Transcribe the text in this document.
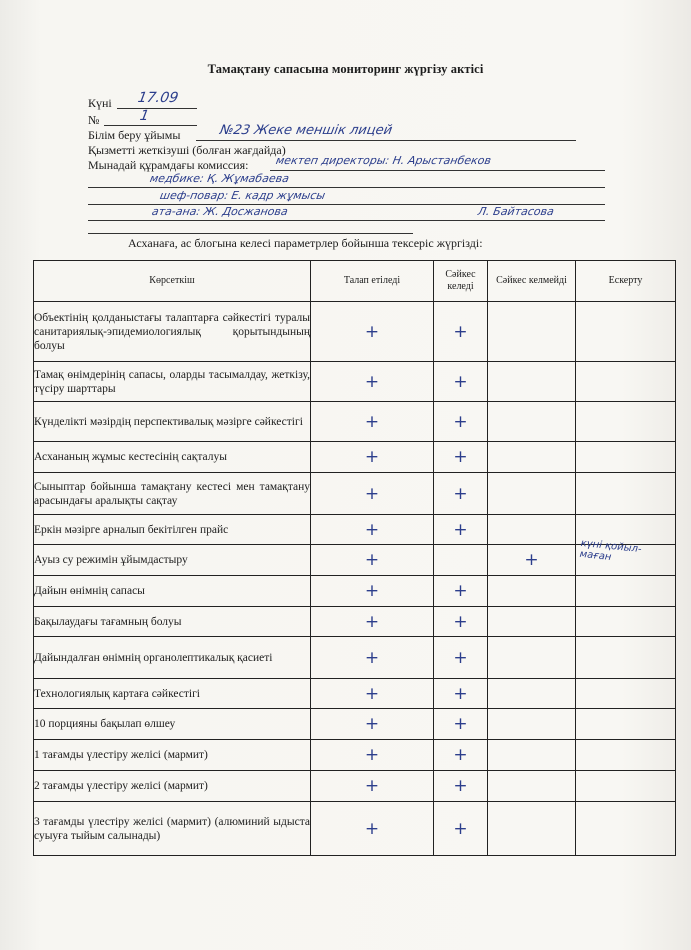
Тамақтану сапасына мониторинг жүргізу актісі
Күні 17.09
№	1
Білім беру ұйымы	№23 Жеке меншік лицей
Қызметті жеткізуші (болған жағдайда)
Мынадай құрамдағы комиссия: мектеп директоры: Н. Арыстанбеков
медбике: Қ. Жұмабаева
шеф-повар: Е. кадр жұмысы
ата-ана: Ж. Досжанова	Л. Байтасова
Асханаға, ас блогына келесі параметрлер бойынша тексеріс жүргізді:
Көрсеткіш	Талап етіледі	Сәйкес келеді	Сәйкес келмейді	Ескерту
Объектінің қолданыстағы талаптарға сәйкестігі туралы санитариялық-эпидемиологиялық қорытындының болуы	+	+		

Тамақ өнімдерінің сапасы, оларды тасымалдау, жеткізу, түсіру шарттары	+	+		

Күнделікті мәзірдің перспективалық мәзірге сәйкестігі	+	+		

Асхананың жұмыс кестесінің сақталуы	+	+		

Сыныптар бойынша тамақтану кестесі мен тамақтану арасындағы аралықты сақтау	+	+		

Еркін мәзірге арналып бекітілген прайс	+	+		

Ауыз су режимін ұйымдастыру	+		+	күні қойыл-
маған

Дайын өнімнің сапасы	+	+		

Бақылаудағы тағамның болуы	+	+		

Дайындалған өнімнің органолептикалық қасиеті	+	+		

Технологиялық картаға сәйкестігі	+	+		

10 порцияны бақылап өлшеу	+	+		

1 тағамды үлестіру желісі (мармит)	+	+		

2 тағамды үлестіру желісі (мармит)	+	+		

3 тағамды үлестіру желісі (мармит) (алюминий ыдыста суыуға тыйым салынады)	+	+		
